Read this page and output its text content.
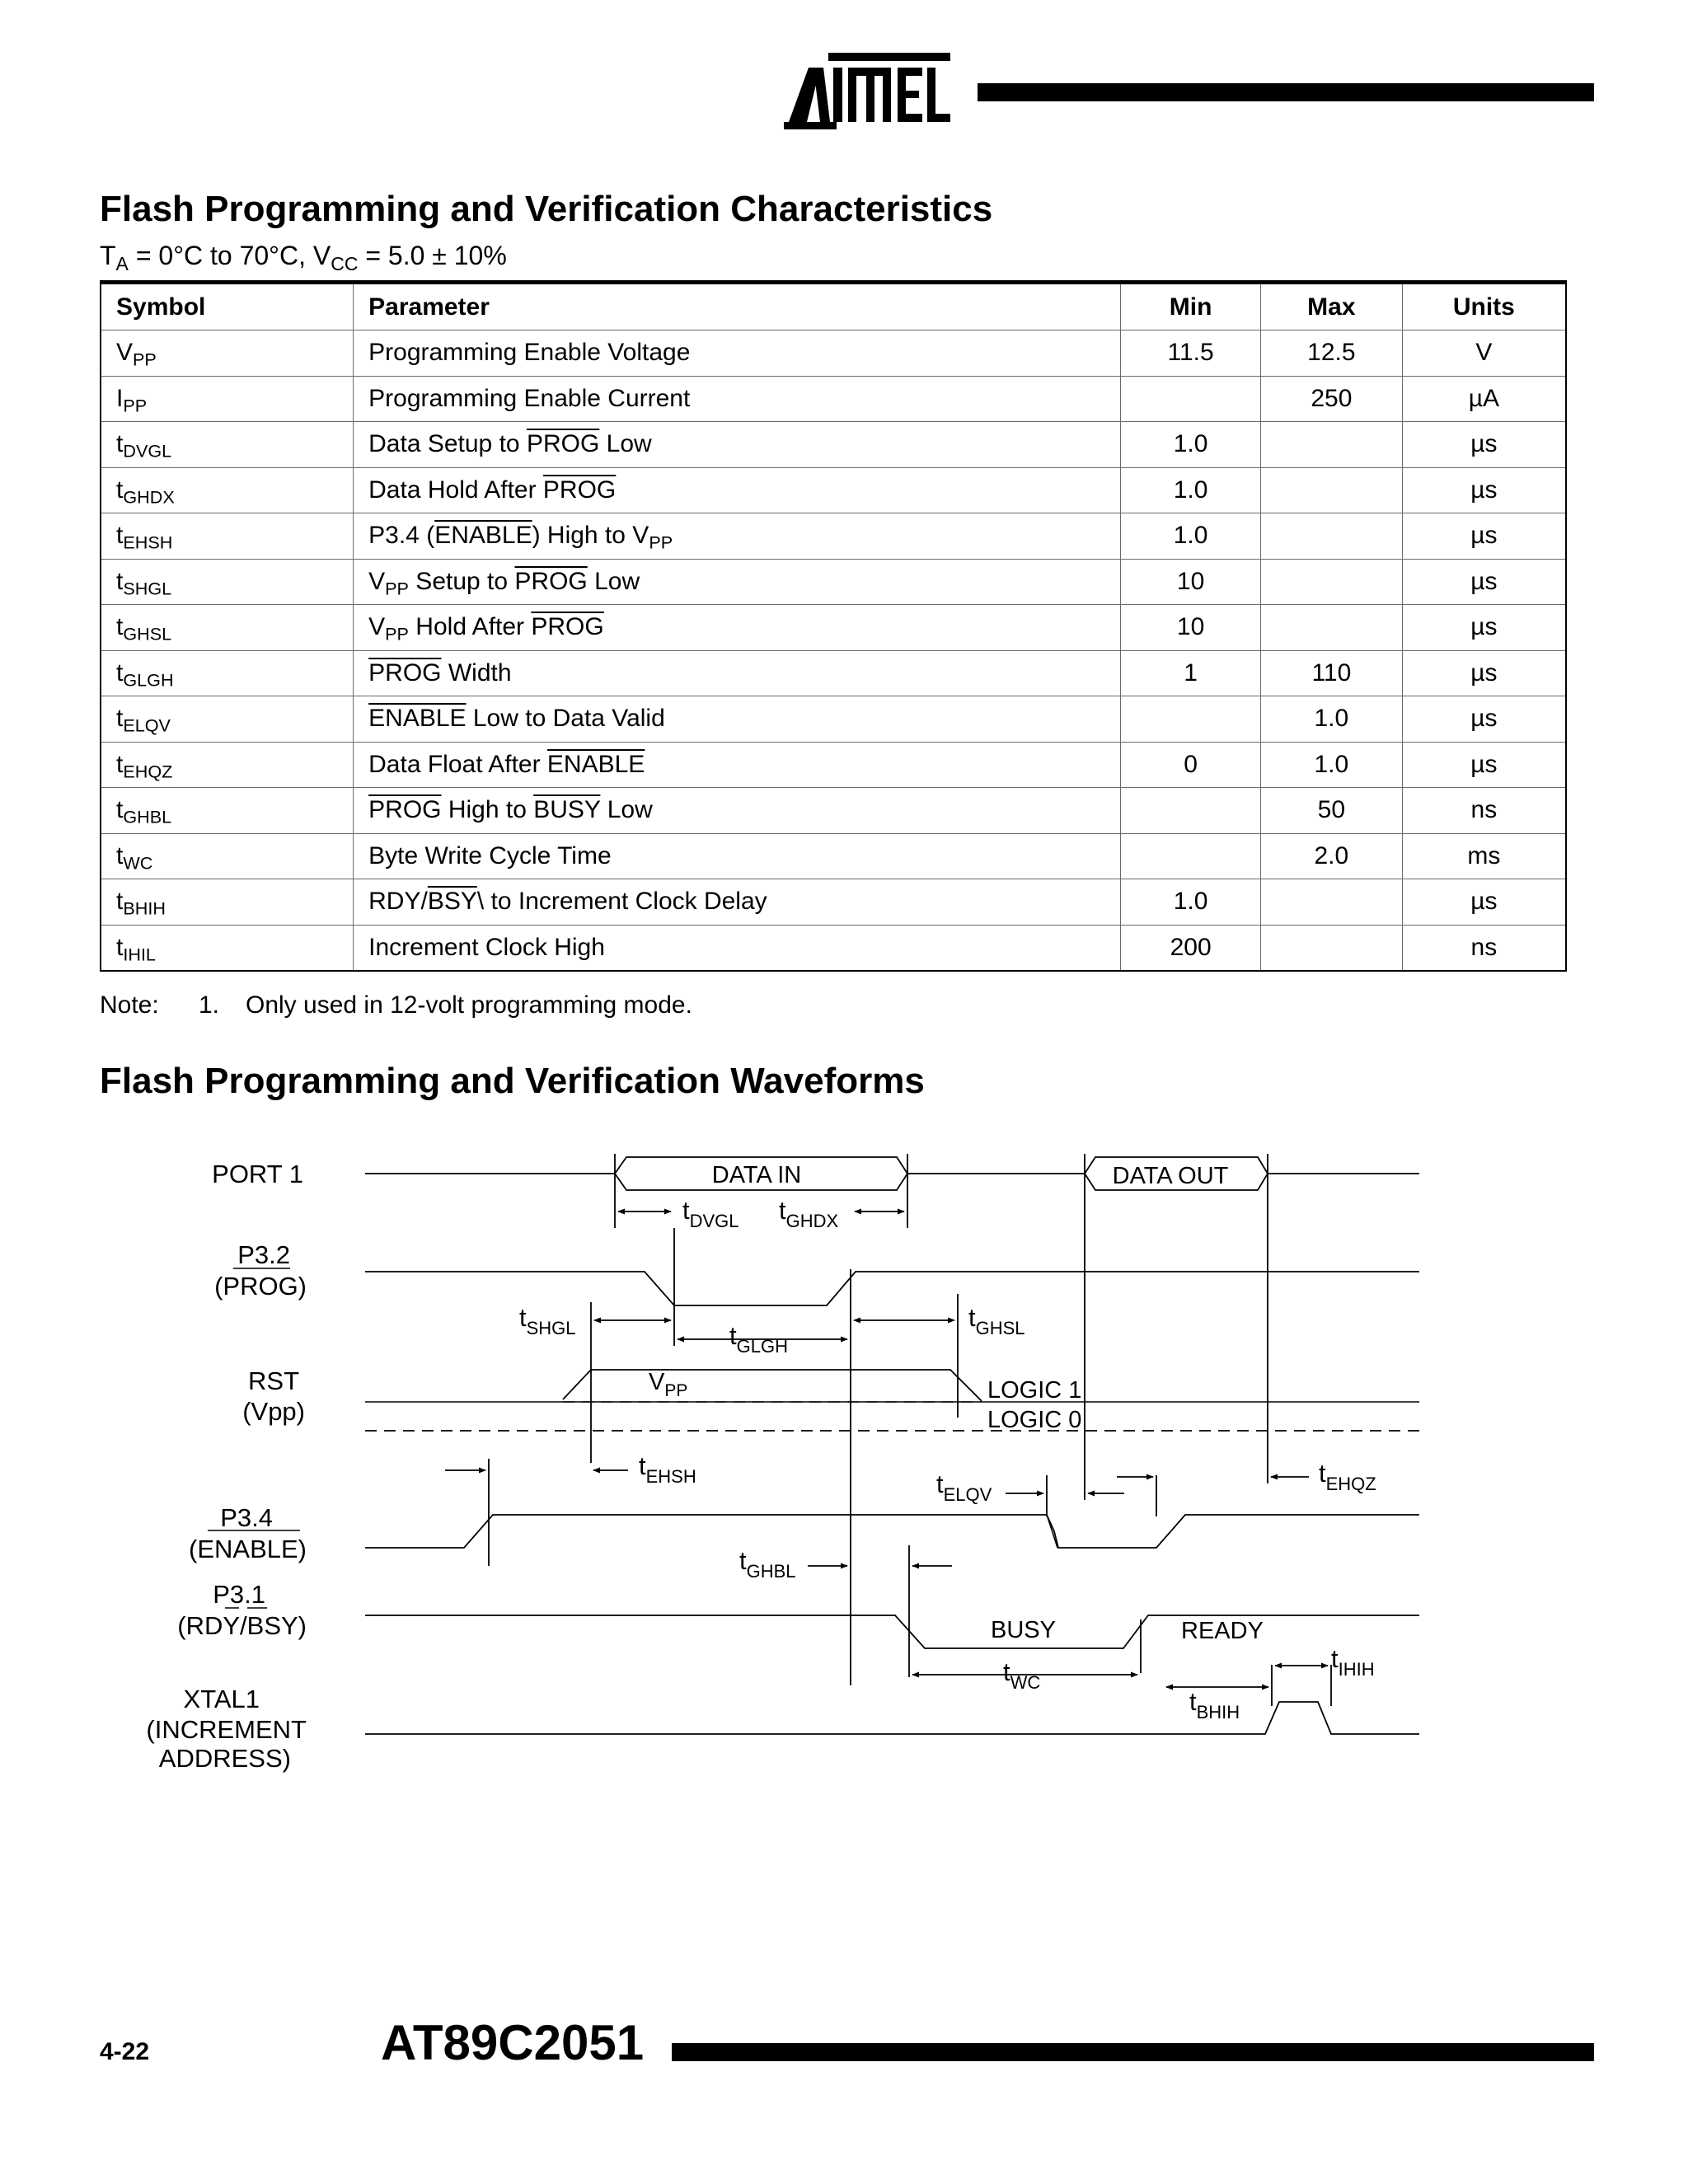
Flash Programming and Verification Characteristics
$T_A = 0^\circ C$ to 70°C, $V_{CC} = 5.0 \pm 10\%$
Symbol	Parameter	Min	Max	Units
$V_{PP}$	Programming Enable Voltage	11.5	12.5	V
$I_{PP}$	Programming Enable Current		250	µA
$t_{DVGL}$	Data Setup to PROG Low	1.0		µs
$t_{GHDX}$	Data Hold After PROG	1.0		µs
$t_{EHSH}$	P3.4 (ENABLE) High to $V_{PP}$	1.0		µs
$t_{SHGL}$	$V_{PP}$ Setup to PROG Low	10		µs
$t_{GHSL}$	$V_{PP}$ Hold After PROG	10		µs
$t_{GLGH}$	PROG Width	1	110	µs
$t_{ELQV}$	ENABLE Low to Data Valid		1.0	µs
$t_{EHQZ}$	Data Float After ENABLE	0	1.0	µs
$t_{GHBL}$	PROG High to BUSY Low		50	ns
$t_{WC}$	Byte Write Cycle Time		2.0	ms
$t_{BHIH}$	RDY/$\overline{BSY}\backslash$ to Increment Clock Delay	1.0		µs
$t_{IHIL}$	Increment Clock High	200		ns
Note: 1. Only used in 12-volt programming mode.
Flash Programming and Verification Waveforms
PORT 1
P3.2
(PROG)
RST
(Vpp)
P3.4
(ENABLE)
P3.1
(RDY/BSY)
XTAL1
(INCREMENT
ADDRESS)
DATA IN	DATA OUT
$V_{PP}$	LOGIC 1
LOGIC 0
BUSY	READY
$t_{DVGL}$ $t_{GHDX}$
$t_{SHGL}$	$t_{GLGH}$
$t_{GHSL}$
$t_{EHSH}$	$t_{ELQV}$
$t_{EHQZ}$
$t_{GHBL}$
$t_{WC}$
$t_{BHIH}$
$t_{IHIH}$
4-22	AT89C2051
